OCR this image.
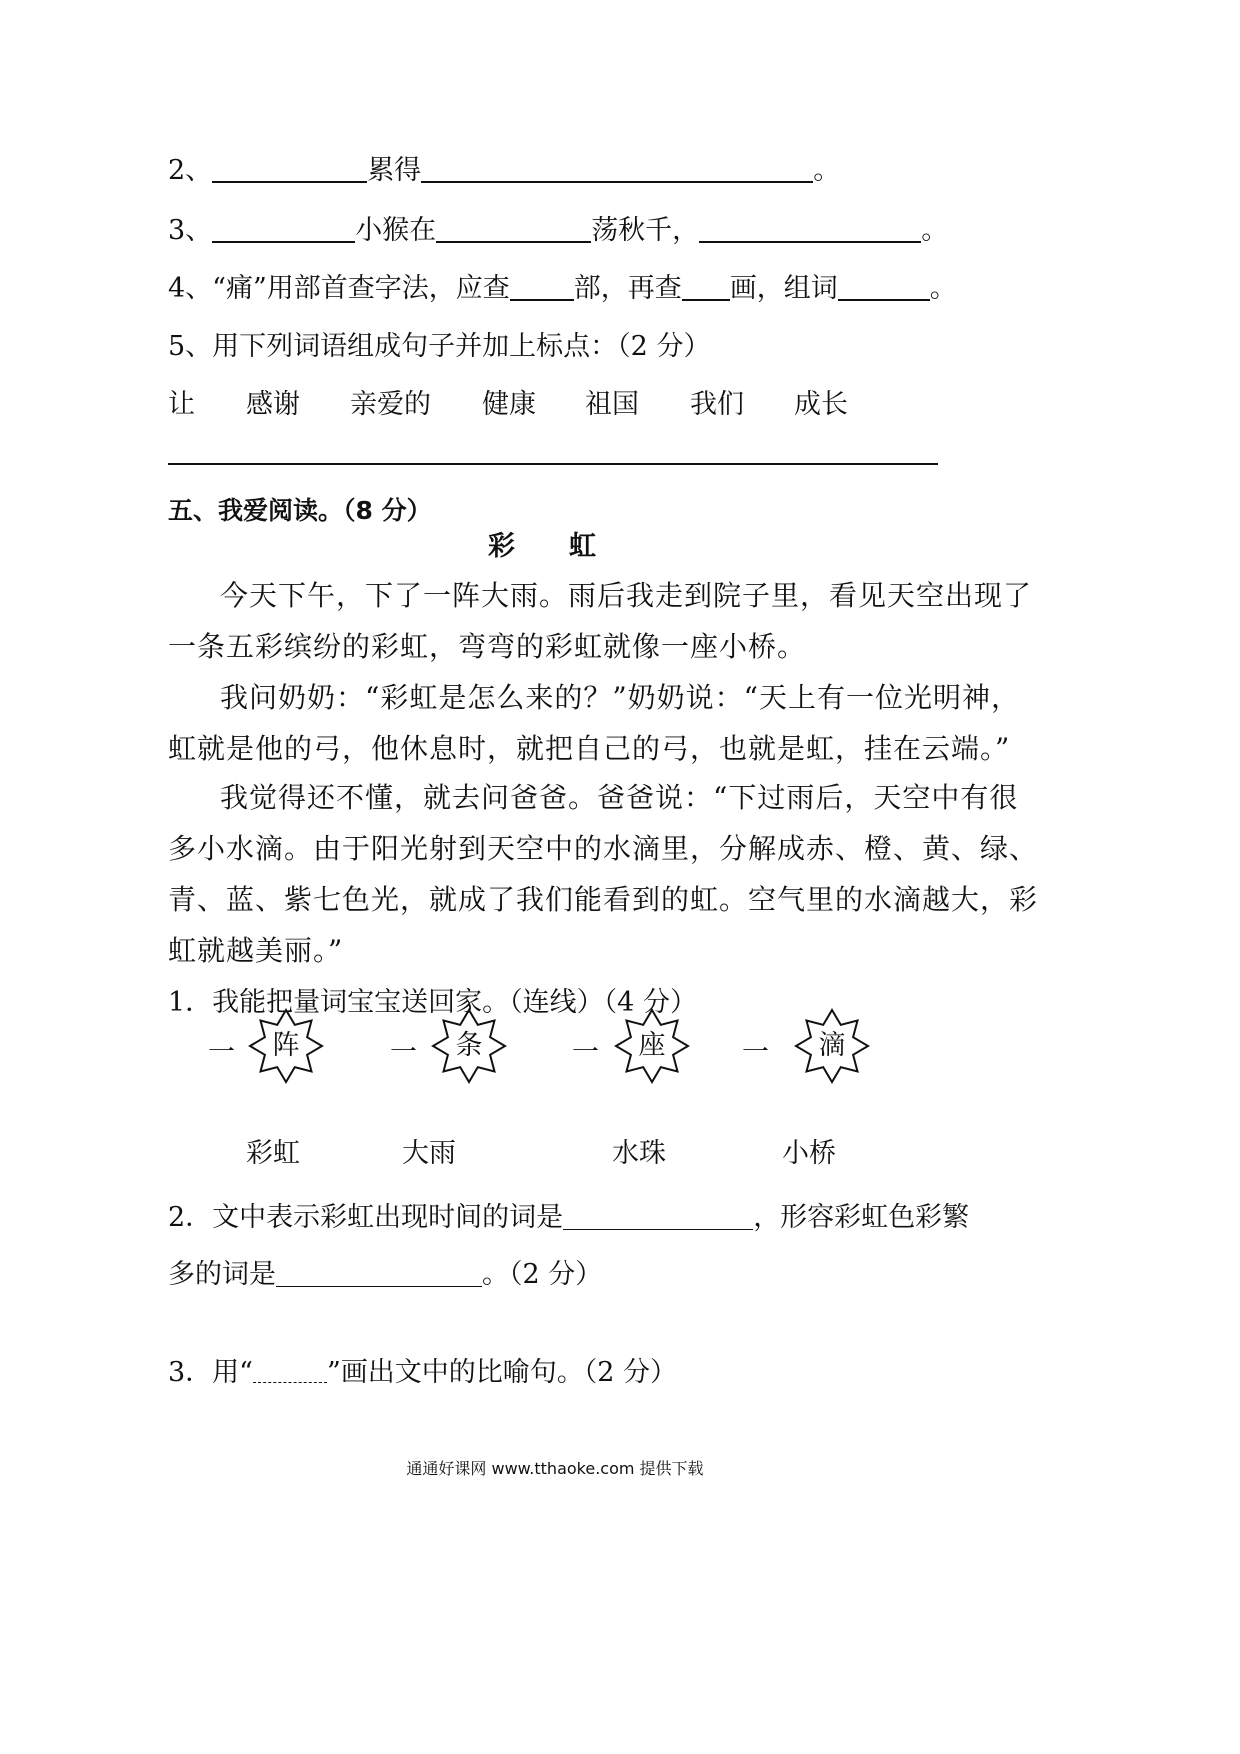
2、	累得	。
3、	小猴在	荡秋千，	。
4、“痛”用部首查字法，应查 部，再查 画，组词	。
5、用下列词语组成句子并加上标点：（2 分）
让 感谢 亲爱的 健康 祖国 我们 成长
五、我爱阅读。（8 分）
彩　　虹
今天下午，下了一阵大雨。雨后我走到院子里，看见天空出现了
一条五彩缤纷的彩虹，弯弯的彩虹就像一座小桥。
我问奶奶：“彩虹是怎么来的？”奶奶说：“天上有一位光明神，
虹就是他的弓，他休息时，就把自己的弓，也就是虹，挂在云端。”
我觉得还不懂，就去问爸爸。爸爸说：“下过雨后，天空中有很
多小水滴。由于阳光射到天空中的水滴里，分解成赤、橙、黄、绿、
青、蓝、紫七色光，就成了我们能看到的虹。空气里的水滴越大，彩
虹就越美丽。”
1．我能把量词宝宝送回家。（连线）（4 分）
一	阵	一	条	一	座	一	滴
彩虹	大雨	水珠	小桥
2．文中表示彩虹出现时间的词是	，形容彩虹色彩繁
多的词是	。（2 分）
3．用“	”画出文中的比喻句。（2 分）
通通好课网 www.tthaoke.com 提供下载
